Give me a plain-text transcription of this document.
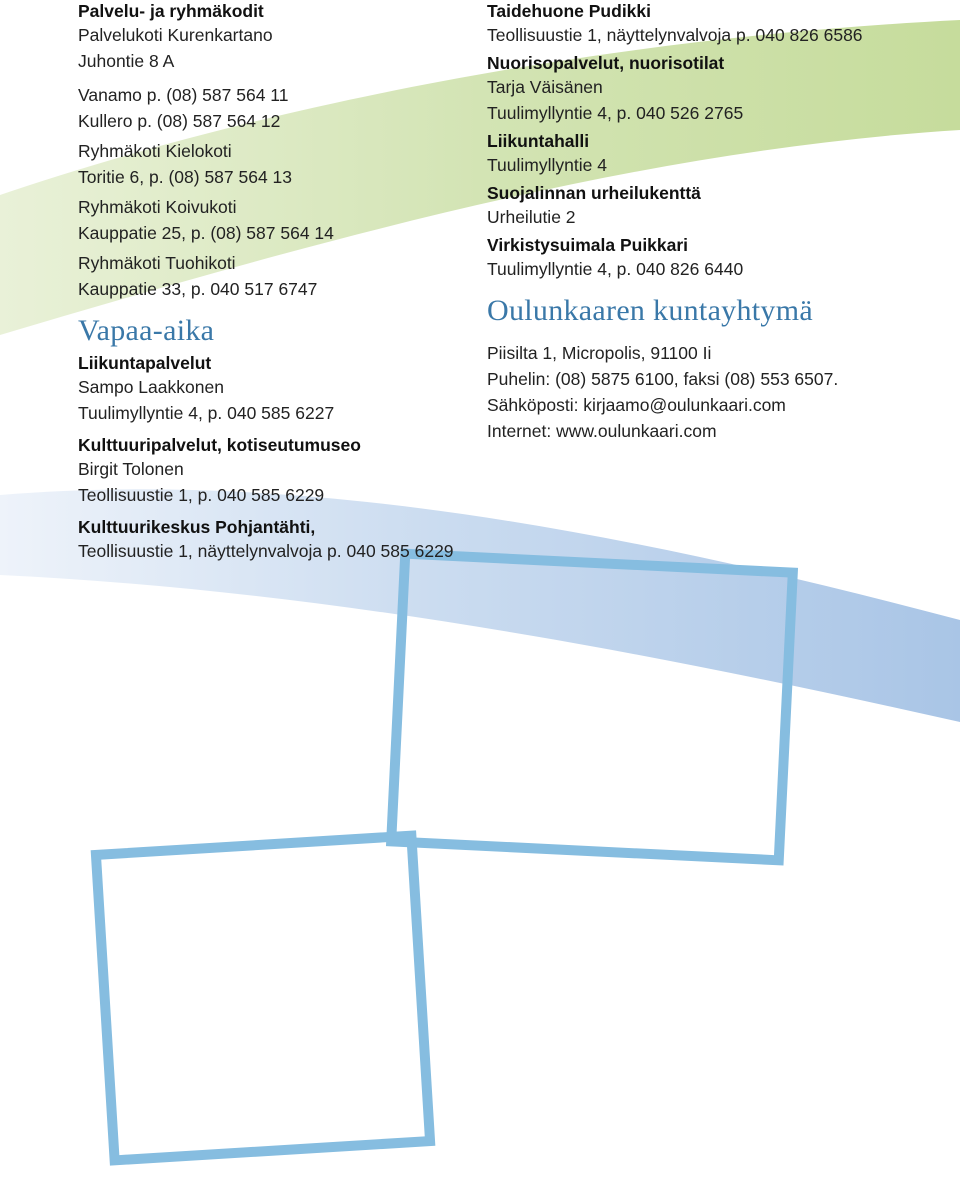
Palvelu- ja ryhmäkodit
Palvelukoti Kurenkartano
Juhontie 8 A
Vanamo p. (08) 587 564 11
Kullero p. (08) 587 564 12
Ryhmäkoti Kielokoti
Toritie 6, p. (08) 587 564 13
Ryhmäkoti Koivukoti
Kauppatie 25, p. (08) 587 564 14
Ryhmäkoti Tuohikoti
Kauppatie 33, p. 040 517 6747
Vapaa-aika
Liikuntapalvelut
Sampo Laakkonen
Tuulimyllyntie 4, p. 040 585 6227
Kulttuuripalvelut, kotiseutumuseo
Birgit Tolonen
Teollisuustie 1, p. 040 585 6229
Kulttuurikeskus Pohjantähti,
Teollisuustie 1, näyttelynvalvoja p. 040 585 6229
Taidehuone Pudikki
Teollisuustie 1, näyttelynvalvoja p. 040 826 6586
Nuorisopalvelut, nuorisotilat
Tarja Väisänen
Tuulimyllyntie 4, p. 040 526 2765
Liikuntahalli
Tuulimyllyntie 4
Suojalinnan urheilukenttä
Urheilutie 2
Virkistysuimala Puikkari
Tuulimyllyntie 4, p. 040 826 6440
Oulunkaaren kuntayhtymä
Piisilta 1, Micropolis, 91100 Ii
Puhelin: (08) 5875 6100, faksi (08) 553 6507.
Sähköposti: kirjaamo@oulunkaari.com
Internet: www.oulunkaari.com
